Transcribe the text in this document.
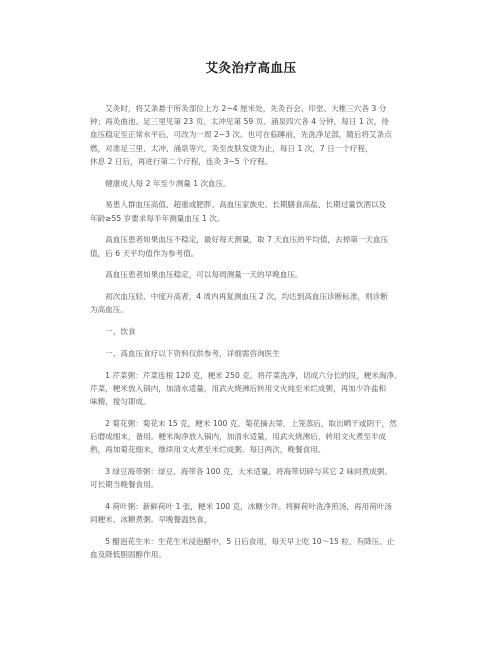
艾灸治疗高血压

　　艾灸时，将艾条悬于所灸部位上方 2~4 厘米处，先灸百会、印堂、大椎三穴各 3 分
钟；再灸曲池、足三里见第 23 页、太冲见第 59 页、涌泉四穴各 4 分钟，每日 1 次，待
血压稳定至正常水平后，可改为一周 2~3 次。也可在临睡前，先洗净足部，随后将艾条点
燃，对准足三里、太冲、涌泉等穴，灸至皮肤发烫为止，每日 1 次，7 日一个疗程，
休息 2 日后，再进行第二个疗程，连灸 3~5 个疗程。

　　健康成人每 2 年至少测量 1 次血压。

　　易患人群血压高值、超重或肥胖、高血压家族史、长期膳食高盐、长期过量饮酒以及
年龄≥55 岁要求每半年测量血压 1 次。

　　高血压患者如果血压不稳定，最好每天测量，取 7 天血压的平均值，去掉第一天血压
值，后 6 天平均值作为参考值。

　　高血压患者如果血压稳定，可以每周测量一天的早晚血压。

　　初次血压轻、中度升高者，4 周内再复测血压 2 次，均达到高血压诊断标准，则诊断
为高血压。

　　一、饮食

　　一、高血压食疗以下资料仅供参考，详细需咨询医生

　　1 芹菜粥：芹菜连根 120 克，粳米 250 克。将芹菜洗净，切成六分长的段，粳米淘净。
芹菜，粳米放入锅内，加清水适量，用武火烧沸后转用文火炖至米烂成粥，再加少许盐和
味精，搅匀即成。

　　2 菊花粥：菊花末 15 克，粳米 100 克。菊花摘去蒂，上笼蒸后，取出晒干或阴干，然
后磨成细末，备用。粳米淘净放入锅内，加清水适量，用武火烧沸后，转用文火煮至半成
熟，再加菊花细末，继续用文火煮至米烂成粥。每日两次，晚餐食用。

　　3 绿豆海带粥：绿豆、海带各 100 克，大米适量。将海带切碎与其它 2 味同煮成粥。
可长期当晚餐食用。

　　4 荷叶粥：新鲜荷叶 1 张，粳米 100 克，冰糖少许。将鲜荷叶洗净煎汤，再用荷叶汤
同粳米、冰糖煮粥。早晚餐温热食。

　　5 醋泡花生米：生花生米浸泡醋中，5 日后食用，每天早上吃 10～15 粒，有降压、止
血及降低胆固醇作用。
